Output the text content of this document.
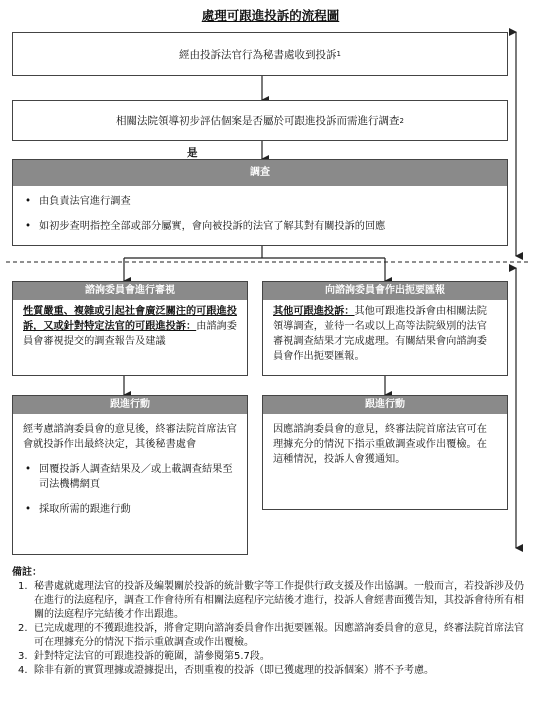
處理可跟進投訴的流程圖
經由投訴法官行為秘書處收到投訴 1
相關法院領導初步評估個案是否屬於可跟進投訴而需進行調查 2
是
調查
• 由負責法官進行調查
• 如初步查明指控全部或部分屬實，會向被投訴的法官了解其對有關投訴的回應
諮詢委員會進行審視
性質嚴重、複雜或引起社會廣泛關注的可跟進投訴，又或針對特定法官的可跟進投訴：由諮詢委員會審視提交的調查報告及建議
向諮詢委員會作出扼要匯報
其他可跟進投訴：其他可跟進投訴會由相關法院領導調查，並待一名或以上高等法院級別的法官審視調查結果才完成處理。有關結果會向諮詢委員會作出扼要匯報。
跟進行動
經考慮諮詢委員會的意見後，終審法院首席法官會就投訴作出最終決定，其後秘書處會
• 回覆投訴人調查結果及／或上載調查結果至司法機構網頁
• 採取所需的跟進行動
跟進行動
因應諮詢委員會的意見，終審法院首席法官可在理據充分的情況下指示重啟調查或作出覆檢。在這種情況，投訴人會獲通知。
備註：
1. 秘書處就處理法官的投訴及編製關於投訴的統計數字等工作提供行政支援及作出協調。一般而言，若投訴涉及仍在進行的法庭程序，調查工作會待所有相關法庭程序完結後才進行，投訴人會經書面獲告知，其投訴會待所有相關的法庭程序完結後才作出跟進。
2. 已完成處理的不獲跟進投訴，將會定期向諮詢委員會作出扼要匯報。因應諮詢委員會的意見，終審法院首席法官可在理據充分的情況下指示重啟調查或作出覆檢。
3. 針對特定法官的可跟進投訴的範圍，請參閱第5.7段。
4. 除非有新的實質理據或證據提出，否則重複的投訴（即已獲處理的投訴個案）將不予考慮。
